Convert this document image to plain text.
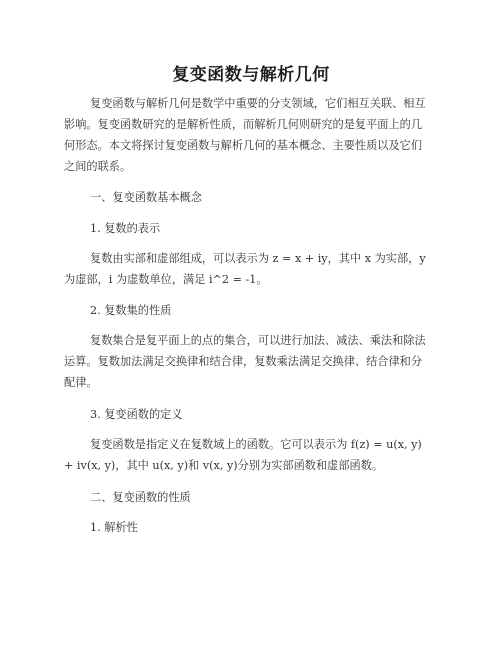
复变函数与解析几何
复变函数与解析几何是数学中重要的分支领域，它们相互关联、相互影响。复变函数研究的是解析性质，而解析几何则研究的是复平面上的几何形态。本文将探讨复变函数与解析几何的基本概念、主要性质以及它们之间的联系。
一、复变函数基本概念
1. 复数的表示
复数由实部和虚部组成，可以表示为 z = x + iy，其中 x 为实部，y 为虚部，i 为虚数单位，满足 i^2 = -1。
2. 复数集的性质
复数集合是复平面上的点的集合，可以进行加法、减法、乘法和除法运算。复数加法满足交换律和结合律，复数乘法满足交换律、结合律和分配律。
3. 复变函数的定义
复变函数是指定义在复数域上的函数。它可以表示为 f(z) = u(x, y) + iv(x, y)，其中 u(x, y)和 v(x, y)分别为实部函数和虚部函数。
二、复变函数的性质
1. 解析性
